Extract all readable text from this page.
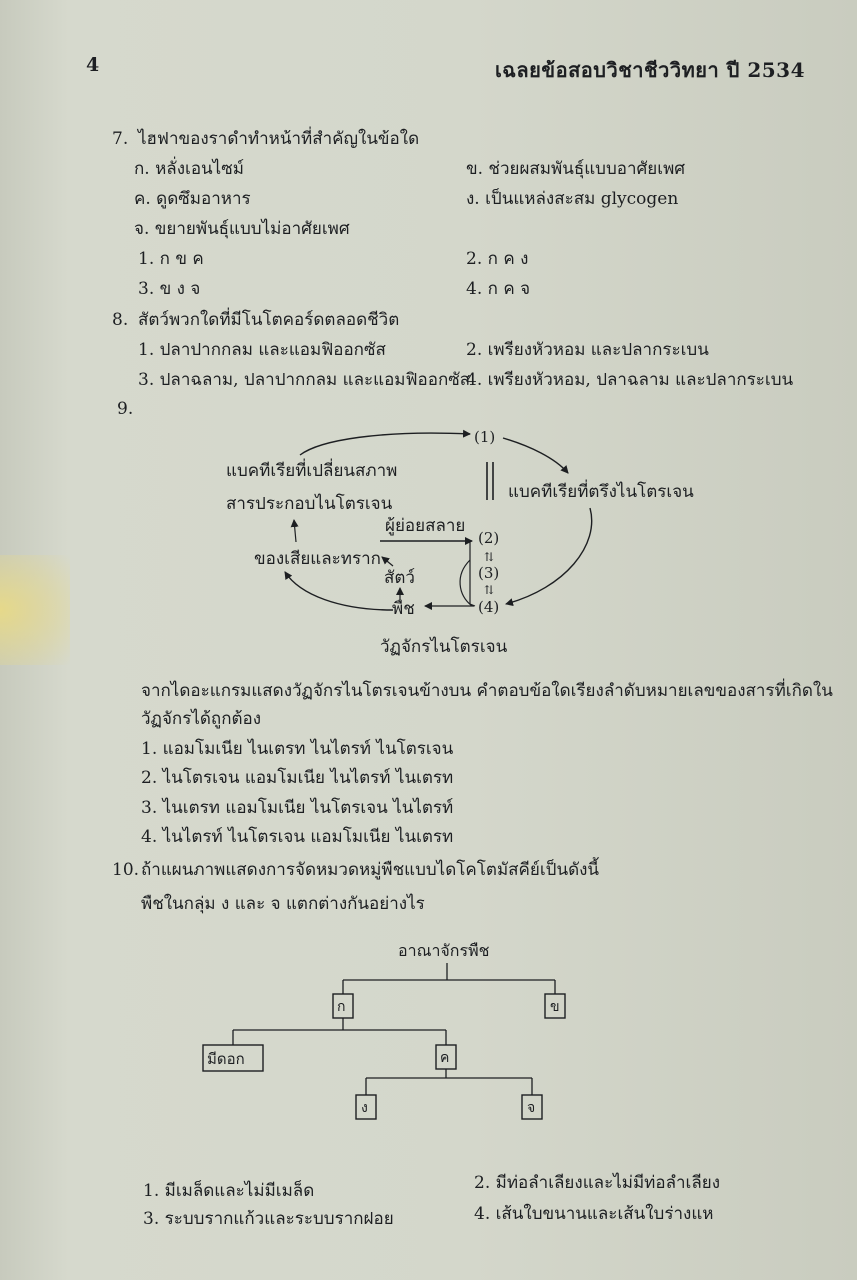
4	เฉลยข้อสอบวิชาชีววิทยา ปี 2534
7. ไฮฟาของราดำทำหน้าที่สำคัญในข้อใด
ก. หลั่งเอนไซม์	ข. ช่วยผสมพันธุ์แบบอาศัยเพศ
ค. ดูดซึมอาหาร	ง. เป็นแหล่งสะสม glycogen
จ. ขยายพันธุ์แบบไม่อาศัยเพศ
1. ก ข ค	2. ก ค ง
3. ข ง จ	4. ก ค จ
8. สัตว์พวกใดที่มีโนโตคอร์ดตลอดชีวิต
1. ปลาปากกลม และแอมฟิออกซัส	2. เพรียงหัวหอม และปลากระเบน
3. ปลาฉลาม, ปลาปากกลม และแอมฟิออกซัส
4. เพรียงหัวหอม, ปลาฉลาม และปลากระเบน
9.
⇅
⇅
(1)
แบคทีเรียที่เปลี่ยนสภาพ
สารประกอบไนโตรเจน
แบคทีเรียที่ตรึงไนโตรเจน
ผู้ย่อยสลาย
(2)
ของเสียและทราก
สัตว์	(3)
พืช	(4)
วัฏจักรไนโตรเจน
จากไดอะแกรมแสดงวัฏจักรไนโตรเจนข้างบน คำตอบข้อใดเรียงลำดับหมายเลขของสารที่เกิดใน
วัฏจักรได้ถูกต้อง
1. แอมโมเนีย ไนเตรท ไนไตรท์ ไนโตรเจน
2. ไนโตรเจน แอมโมเนีย ไนไตรท์ ไนเตรท
3. ไนเตรท แอมโมเนีย ไนโตรเจน ไนไตรท์
4. ไนไตรท์ ไนโตรเจน แอมโมเนีย ไนเตรท
10. ถ้าแผนภาพแสดงการจัดหมวดหมู่พืชแบบไดโคโตมัสคีย์เป็นดังนี้
พืชในกลุ่ม ง และ จ แตกต่างกันอย่างไร
อาณาจักรพืช
ก	ข
มีดอก	ค
ง	จ
1. มีเมล็ดและไม่มีเมล็ด	2. มีท่อลำเลียงและไม่มีท่อลำเลียง
3. ระบบรากแก้วและระบบรากฝอย	4. เส้นใบขนานและเส้นใบร่างแห
